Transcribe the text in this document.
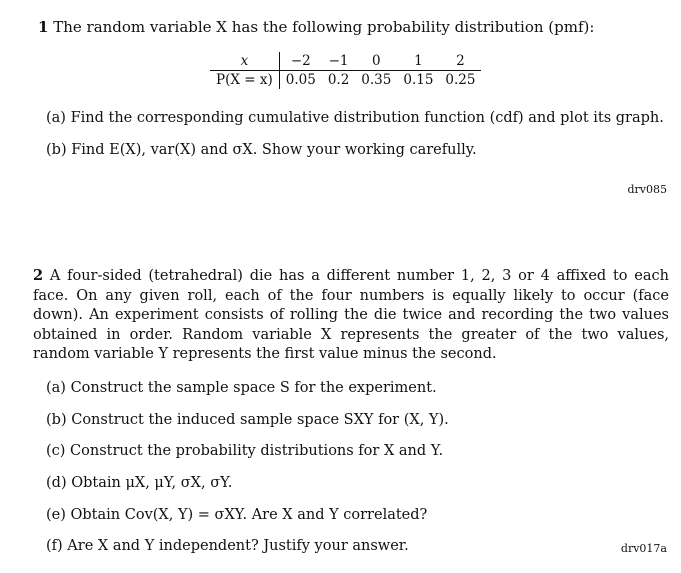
1 The random variable X has the following probability distribution (pmf):
x	−2	−1	0	1	2
P(X = x)	0.05	0.2	0.35	0.15	0.25
(a) Find the corresponding cumulative distribution function (cdf) and plot its graph.
(b) Find E(X), var(X) and σX. Show your working carefully.
drv085
2 A four-sided (tetrahedral) die has a different number 1, 2, 3 or 4 affixed to each face. On any given roll, each of the four numbers is equally likely to occur (face down). An experiment consists of rolling the die twice and recording the two values obtained in order. Random variable X represents the greater of the two values, random variable Y represents the first value minus the second.
(a) Construct the sample space S for the experiment.
(b) Construct the induced sample space SXY for (X, Y).
(c) Construct the probability distributions for X and Y.
(d) Obtain μX, μY, σX, σY.
(e) Obtain Cov(X, Y) = σXY. Are X and Y correlated?
(f) Are X and Y independent? Justify your answer.	drv017a
